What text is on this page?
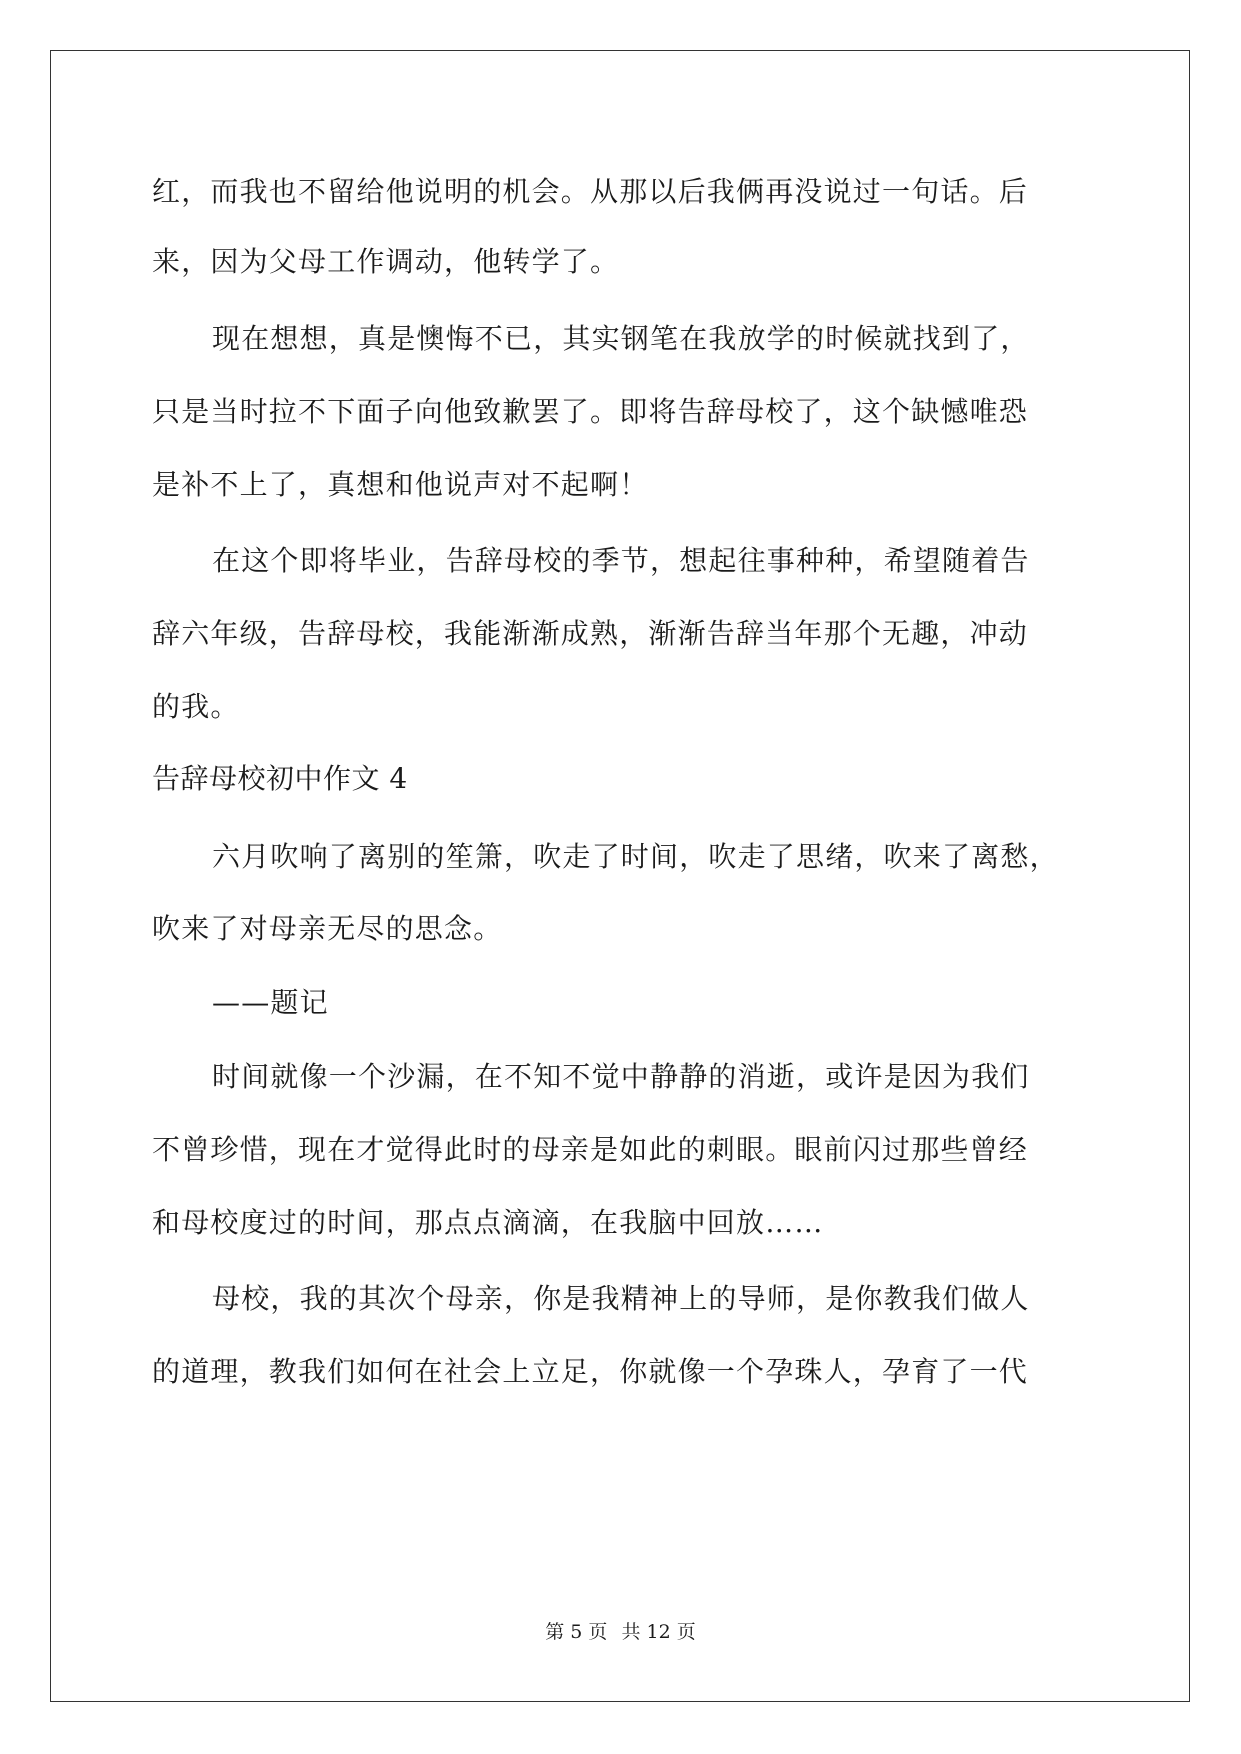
红，而我也不留给他说明的机会。从那以后我俩再没说过一句话。后
来，因为父母工作调动，他转学了。
现在想想，真是懊悔不已，其实钢笔在我放学的时候就找到了，
只是当时拉不下面子向他致歉罢了。即将告辞母校了，这个缺憾唯恐
是补不上了，真想和他说声对不起啊！
在这个即将毕业，告辞母校的季节，想起往事种种，希望随着告
辞六年级，告辞母校，我能渐渐成熟，渐渐告辞当年那个无趣，冲动
的我。
告辞母校初中作文 4
六月吹响了离别的笙箫，吹走了时间，吹走了思绪，吹来了离愁，
吹来了对母亲无尽的思念。
——题记
时间就像一个沙漏，在不知不觉中静静的消逝，或许是因为我们
不曾珍惜，现在才觉得此时的母亲是如此的刺眼。眼前闪过那些曾经
和母校度过的时间，那点点滴滴，在我脑中回放……
母校，我的其次个母亲，你是我精神上的导师，是你教我们做人
的道理，教我们如何在社会上立足，你就像一个孕珠人，孕育了一代
第 5 页 共 12 页
